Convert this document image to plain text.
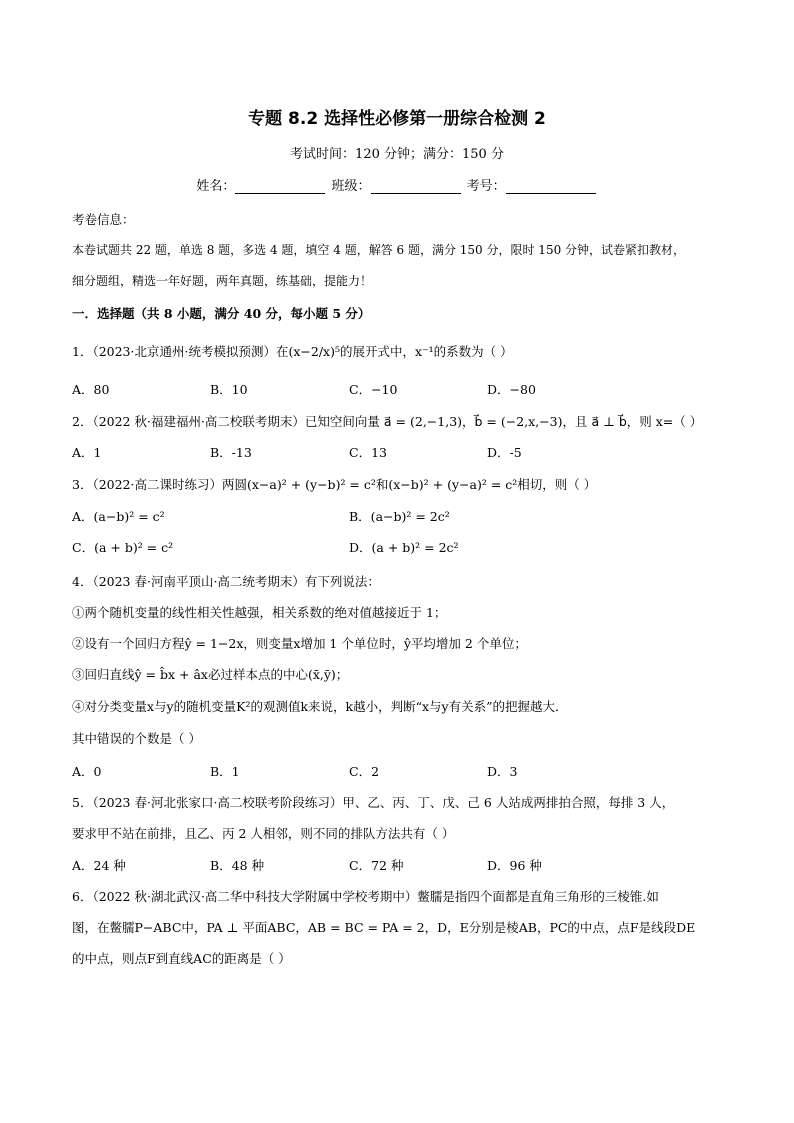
专题 8.2 选择性必修第一册综合检测 2
考试时间：120 分钟；满分：150 分
姓名：	班级：	考号：
考卷信息：
本卷试题共 22 题，单选 8 题，多选 4 题，填空 4 题，解答 6 题，满分 150 分，限时 150 分钟，试卷紧扣教材，
细分题组，精选一年好题，两年真题，练基础，提能力！
一．选择题（共 8 小题，满分 40 分，每小题 5 分）
1．（2023·北京通州·统考模拟预测）在(x−2/x)⁵的展开式中，x⁻¹的系数为（ ）
A．80	B．10	C．−10	D．−80
2．（2022 秋·福建福州·高二校联考期末）已知空间向量 a⃗ = (2,−1,3)，b⃗ = (−2,x,−3)，且 a⃗ ⊥ b⃗，则 x=（ ）
A．1	B．-13	C．13	D．-5
3．（2022·高二课时练习）两圆(x−a)² + (y−b)² = c²和(x−b)² + (y−a)² = c²相切，则（ ）
A．(a−b)² = c²	B．(a−b)² = 2c²
C．(a + b)² = c²	D．(a + b)² = 2c²
4．（2023 春·河南平顶山·高二统考期末）有下列说法：
①两个随机变量的线性相关性越强，相关系数的绝对值越接近于 1；
②设有一个回归方程ŷ = 1−2x，则变量x增加 1 个单位时，ŷ平均增加 2 个单位；
③回归直线ŷ = b̂x + âx必过样本点的中心(x̄,ȳ)；
④对分类变量x与y的随机变量K²的观测值k来说，k越小，判断“x与y有关系”的把握越大．
其中错误的个数是（ ）
A．0	B．1	C．2	D．3
5．（2023 春·河北张家口·高二校联考阶段练习）甲、乙、丙、丁、戊、己 6 人站成两排拍合照，每排 3 人，
要求甲不站在前排，且乙、丙 2 人相邻，则不同的排队方法共有（ ）
A．24 种	B．48 种	C．72 种	D．96 种
6．（2022 秋·湖北武汉·高二华中科技大学附属中学校考期中）鳖臑是指四个面都是直角三角形的三棱锥.如
图，在鳖臑P−ABC中，PA ⊥ 平面ABC，AB = BC = PA = 2，D，E分别是棱AB，PC的中点，点F是线段DE
的中点，则点F到直线AC的距离是（ ）
